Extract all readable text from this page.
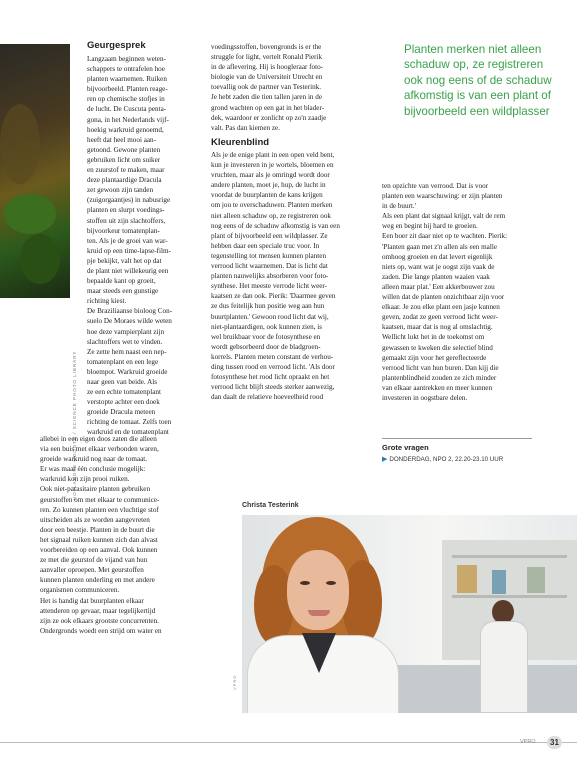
HOLLANDSE HOOGTE / SCIENCE PHOTO LIBRARY
Geurgesprek
Langzaam beginnen weten-
schappers te ontrafelen hoe
planten waarnemen. Ruiken
bijvoorbeeld. Planten reage-
ren op chemische stofjes in
de lucht. De Cuscuta penta-
gona, in het Nederlands vijf-
hoekig warkruid genoemd,
heeft dat heel mooi aan-
getoond. Gewone planten
gebruiken licht om suiker
en zuurstof te maken, maar
deze plantaardige Dracula
zet gewoon zijn tanden
(zuigorgaantjes) in nabusrige
planten en slurpt voedings-
stoffen uit zijn slachtoffers,
bijvoorkeur tomatenplan-
ten. Als je de groei van war-
kruid op een time-lapse-film-
pje bekijkt, valt het op dat
de plant niet willekeurig een
bepaalde kant op groeit,
maar steeds een gunstige
richting kiest.
De Braziliaanse bioloog Con-
suelo De Moraes wilde weten
hoe deze vampierplant zijn
slachtoffers wet te vinden.
Ze zette hem naast een nep-
tomatenplant en een lege
bloempot. Warkruid groeide
naar geen van beide. Als
ze een echte tomatenplant
verstopte achter een doek
groeide Dracula meteen
richting de tomaat. Zelfs toen
warkruid en de tomatenplant
allebei in een eigen doos zaten die alleen
via een buis met elkaar verbonden waren,
groeide warkruid nog naar de tomaat.
Er was maar één conclusie mogelijk:
warkruid kon zijn prooi ruiken.
Ook niet-parasitaire planten gebruiken
geurstoffen om met elkaar te communice-
ren. Zo kunnen planten een vluchtige stof
uitscheiden als ze worden aangevreten
door een beestje. Planten in de buurt die
het signaal ruiken kunnen zich dan alvast
voorbereiden op een aanval. Ook kunnen
ze met die geurstof de vijand van hun
aanvaller oproepen. Met geurstoffen
kunnen planten onderling en met andere
organismen communiceren.
Het is handig dat buurplanten elkaar
attenderen op gevaar, maar tegelijkertijd
zijn ze ook elkaars grootste concurrenten.
Ondergronds woedt een strijd om water en
voedingsstoffen, bovengronds is er the
struggle for light, vertelt Ronald Pierik
in de aflevering. Hij is hoogleraar foto-
biologie van de Universiteit Utrecht en
toevallig ook de partner van Testerink.
Je hebt zaden die tien tallen jaren in de
grond wachten op een gat in het blader-
dek, waardoor er zonlicht op zo'n zaadje
valt. Pas dan kiemen ze.
Planten merken niet alleen schaduw op, ze registreren ook nog eens of de schaduw afkomstig is van een plant of bijvoorbeeld een wildplasser
Kleurenblind
Als je de enige plant in een open veld bent,
kun je investeren in je wortels, bloemen en
vruchten, maar als je omringd wordt door
andere planten, moet je, hup, de lucht in
voordat de buurplanten de kans krijgen
om jou te overschaduwen. Planten merken
niet alleen schaduw op, ze registreren ook
nog eens of de schaduw afkomstig is van een
plant of bijvoorbeeld een wildplasser. Ze
hebben daar een speciale truc voor. In
tegenstelling tot mensen kunnen planten
verrood licht waarnemen. Dat is licht dat
planten nauwelijks absorberen voor foto-
synthese. Het meeste verrode licht weer-
kaatsen ze dan ook. Pierik: 'Daarmee geven
ze dus feitelijk hun positie weg aan hun
buurtplanten.' Gewoon rood licht dat wij,
niet-plantaardigen, ook kunnen zien, is
wel bruikbaar voor de fotosynthese en
wordt gebsorbeerd door de bladgroen-
korrels. Planten meten constant de verhou-
ding tussen rood en verrood licht. 'Als door
fotosynthese het rood licht opraakt en het
verrood licht blijft steeds sterker aanwezig,
dan daalt de relatieve hoeveelheid rood
ten opzichte van verrood. Dat is voor
planten een waarschuwing: er zijn planten
in de buurt.'
Als een plant dat signaal krijgt, valt de rem
weg en begint hij hard te groeien.
Een boer zit daar niet op te wachten. Pierik:
'Planten gaan met z'n allen als een malle
omhoog groeien en dat levert eigenlijk
niets op, want wat je oogst zijn vaak de
zaden. Die lange planten waaien vaak
alleen maar plat.' Een akkerbouwer zou
willen dat de planten onzichtbaar zijn voor
elkaar. Je zou elke plant een jasje kunnen
geven, zodat ze geen verrood licht weer-
kaatsen, maar dat is nog al omslachtig.
Wellicht lukt het in de toekomst om
gewassen te kweken die selectief blind
gemaakt zijn voor het gereflecteerde
verrood licht van hun buren. Dan kijj die
plantenblindheid zouden ze zich minder
van elkaar aantrekken en meer kunnen
investeren in oogstbare delen.
Grote vragen
▶ DONDERDAG, NPO 2, 22.20-23.10 UUR
Christa Testerink
VPRO
VPRO	31
